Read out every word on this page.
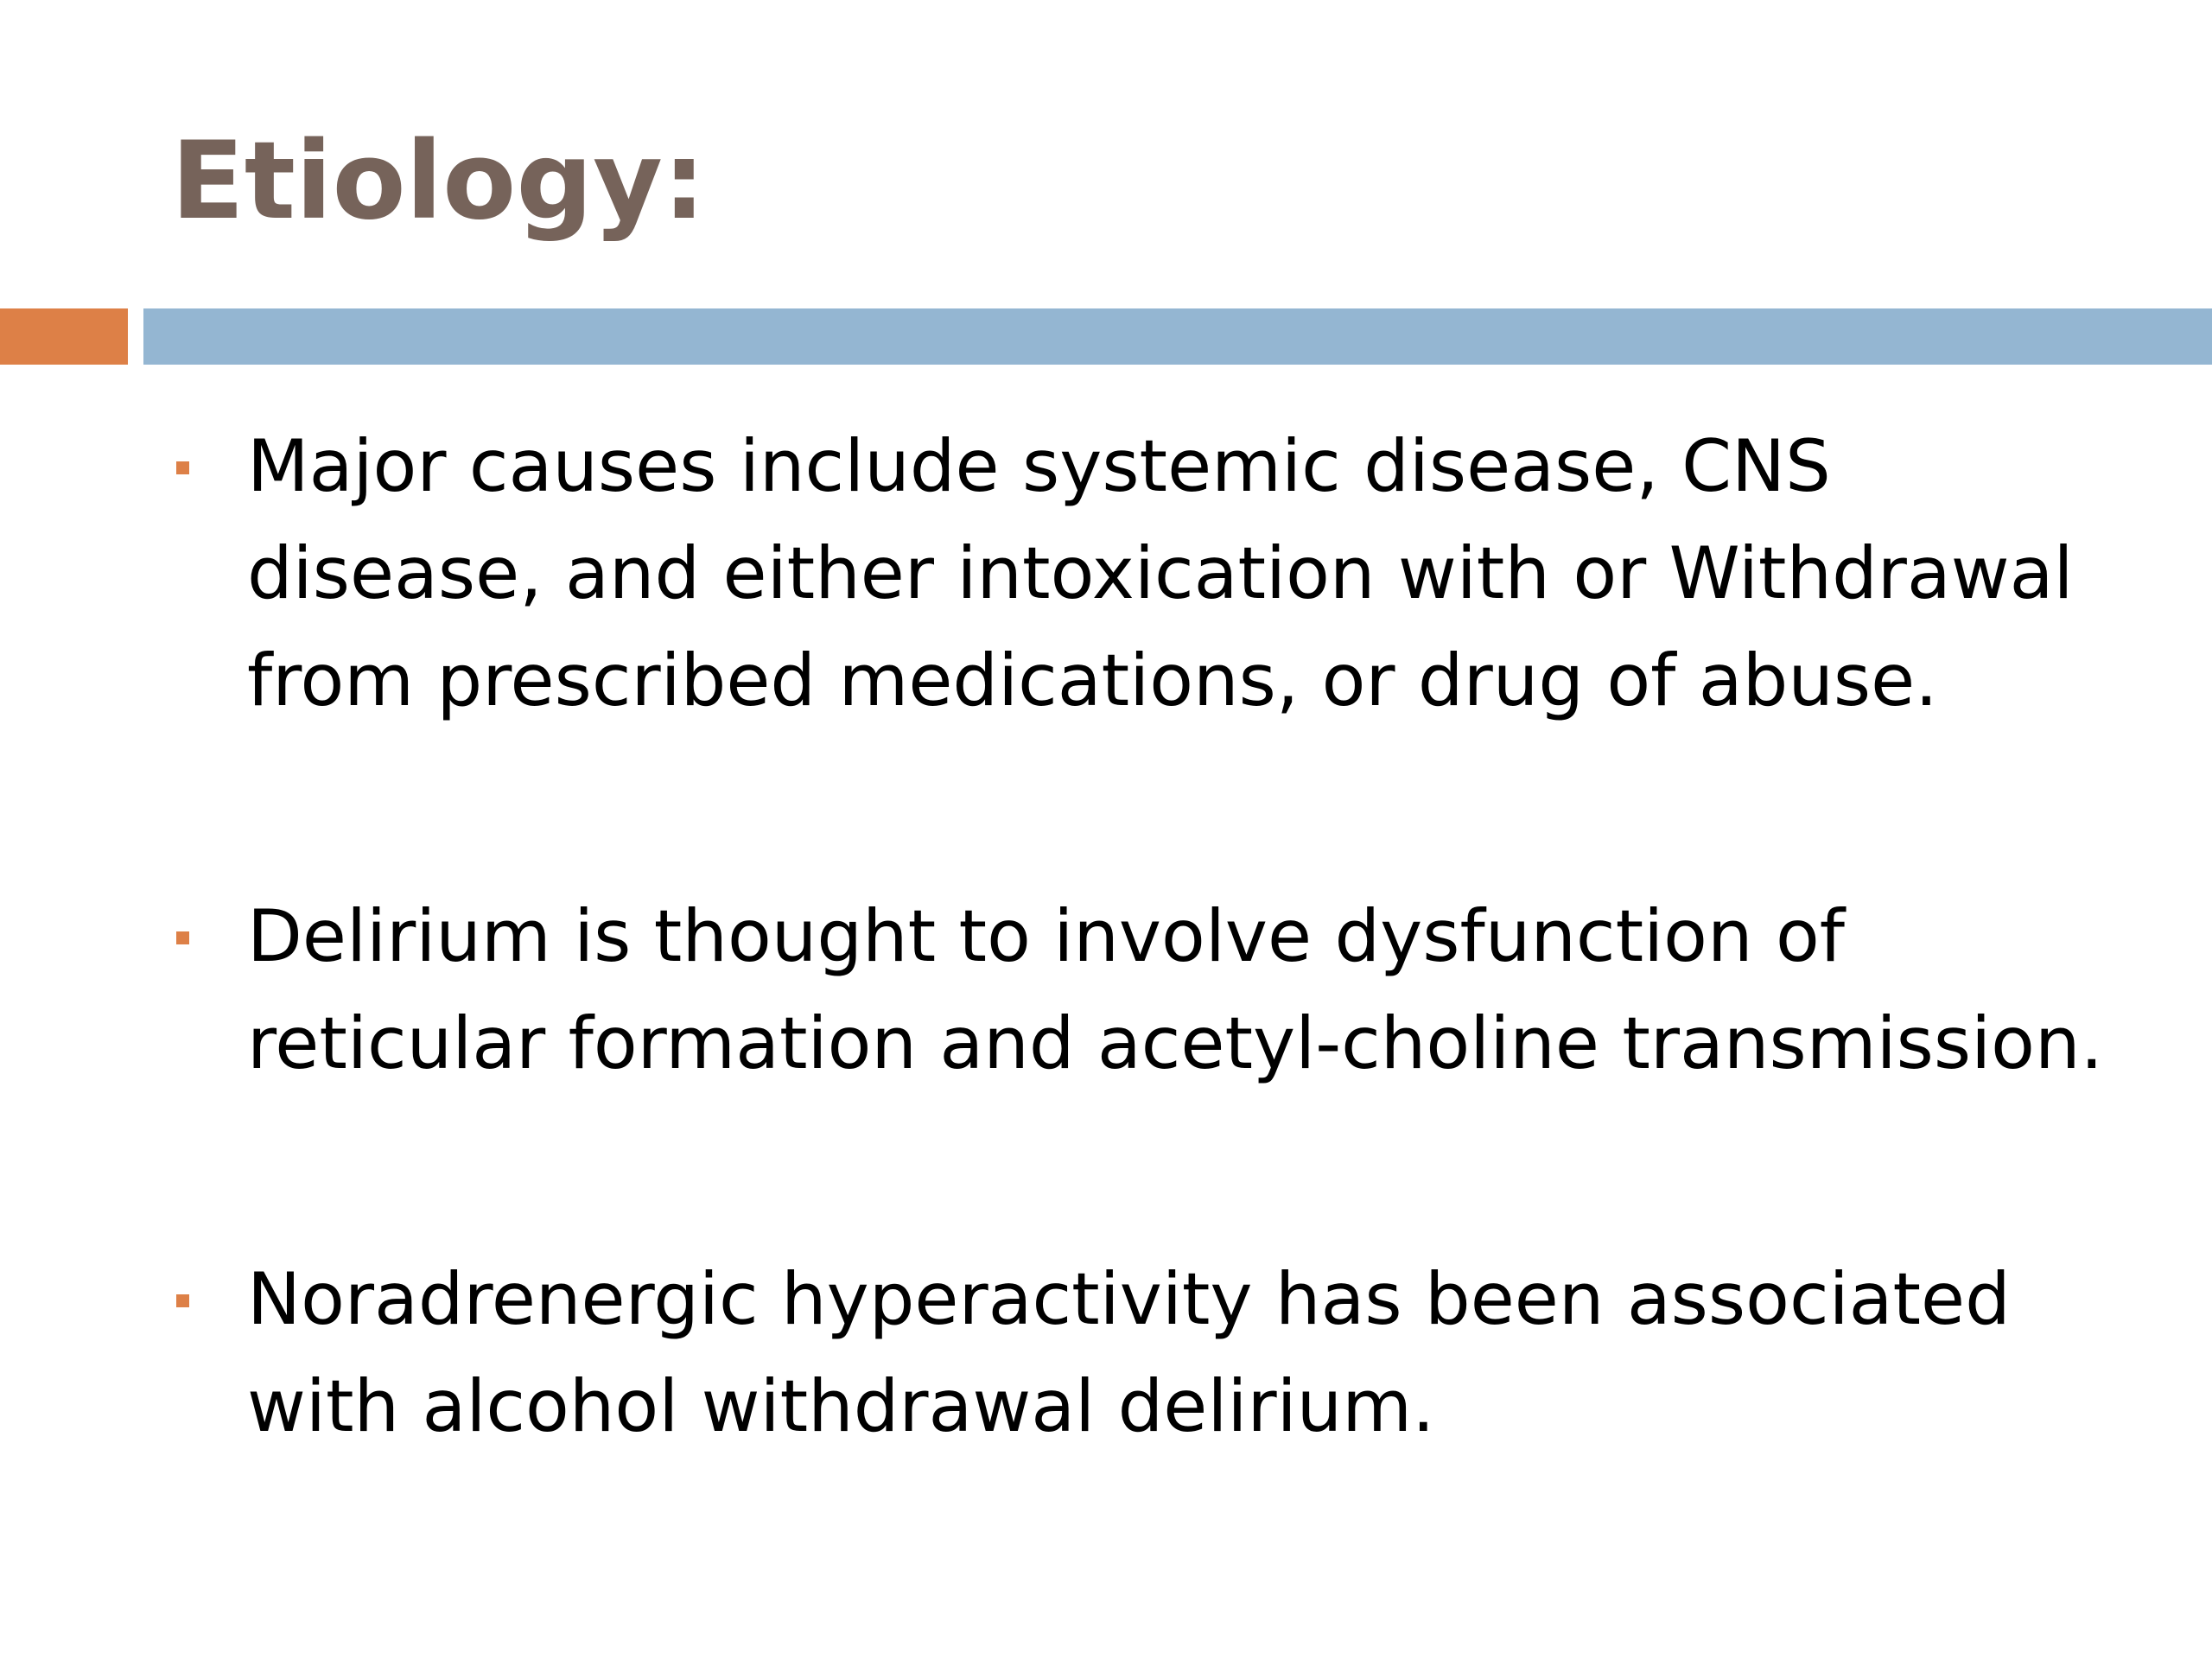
Etiology:
Major causes include systemic disease, CNS disease, and either intoxication with or Withdrawal from prescribed medications, or drug of abuse.
Delirium is thought to involve dysfunction of reticular formation and acetyl-choline transmission.
Noradrenergic hyperactivity has been associated with alcohol withdrawal delirium.
